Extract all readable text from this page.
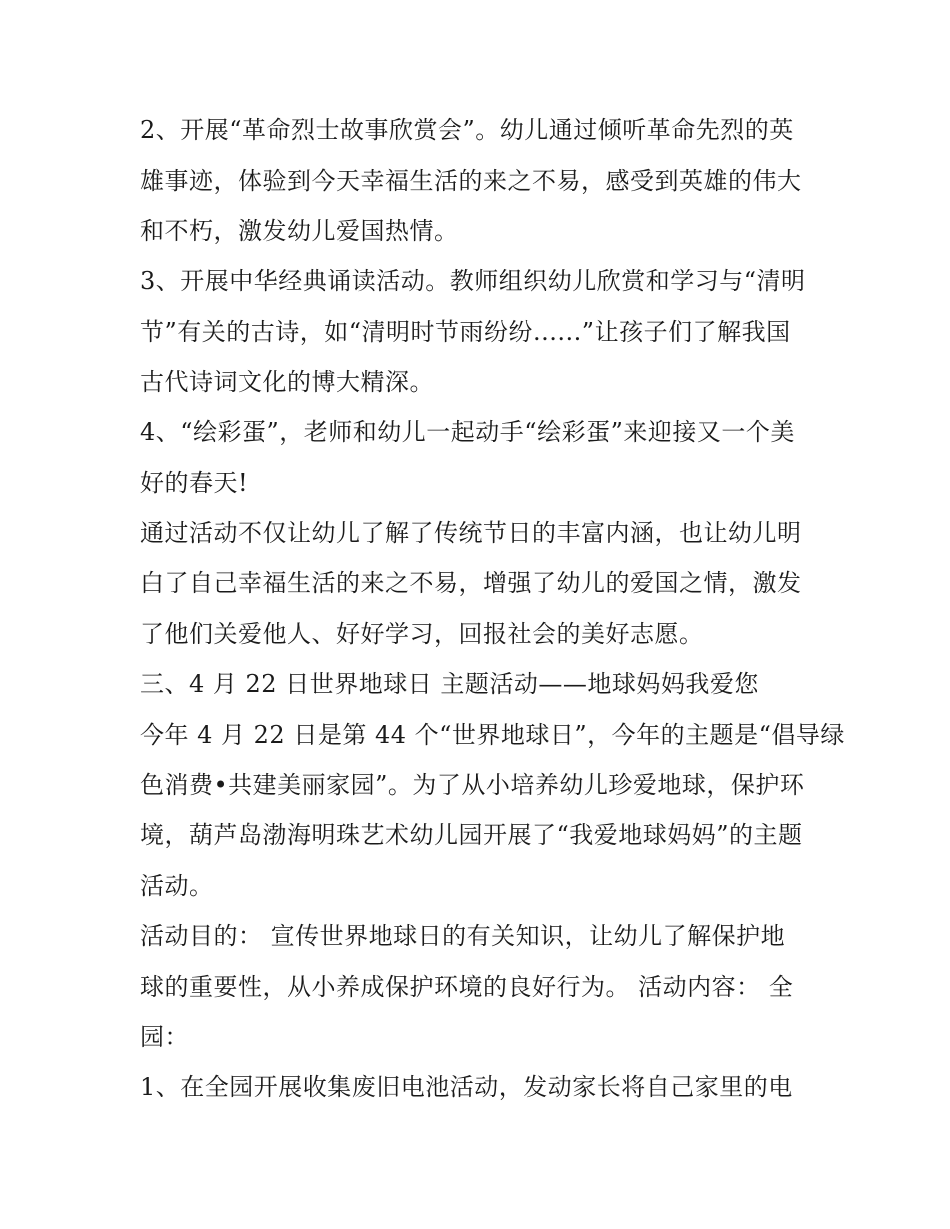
2、开展“革命烈士故事欣赏会”。幼儿通过倾听革命先烈的英
雄事迹，体验到今天幸福生活的来之不易，感受到英雄的伟大
和不朽，激发幼儿爱国热情。
3、开展中华经典诵读活动。教师组织幼儿欣赏和学习与“清明
节”有关的古诗，如“清明时节雨纷纷......”让孩子们了解我国
古代诗词文化的博大精深。
4、“绘彩蛋”，老师和幼儿一起动手“绘彩蛋”来迎接又一个美
好的春天!
通过活动不仅让幼儿了解了传统节日的丰富内涵，也让幼儿明
白了自己幸福生活的来之不易，增强了幼儿的爱国之情，激发
了他们关爱他人、好好学习，回报社会的美好志愿。
三、4 月 22 日世界地球日 主题活动——地球妈妈我爱您
今年 4 月 22 日是第 44 个“世界地球日”，今年的主题是“倡导绿
色消费•共建美丽家园”。为了从小培养幼儿珍爱地球，保护环
境，葫芦岛渤海明珠艺术幼儿园开展了“我爱地球妈妈”的主题
活动。
活动目的： 宣传世界地球日的有关知识，让幼儿了解保护地
球的重要性，从小养成保护环境的良好行为。 活动内容： 全
园：
1、在全园开展收集废旧电池活动，发动家长将自己家里的电
